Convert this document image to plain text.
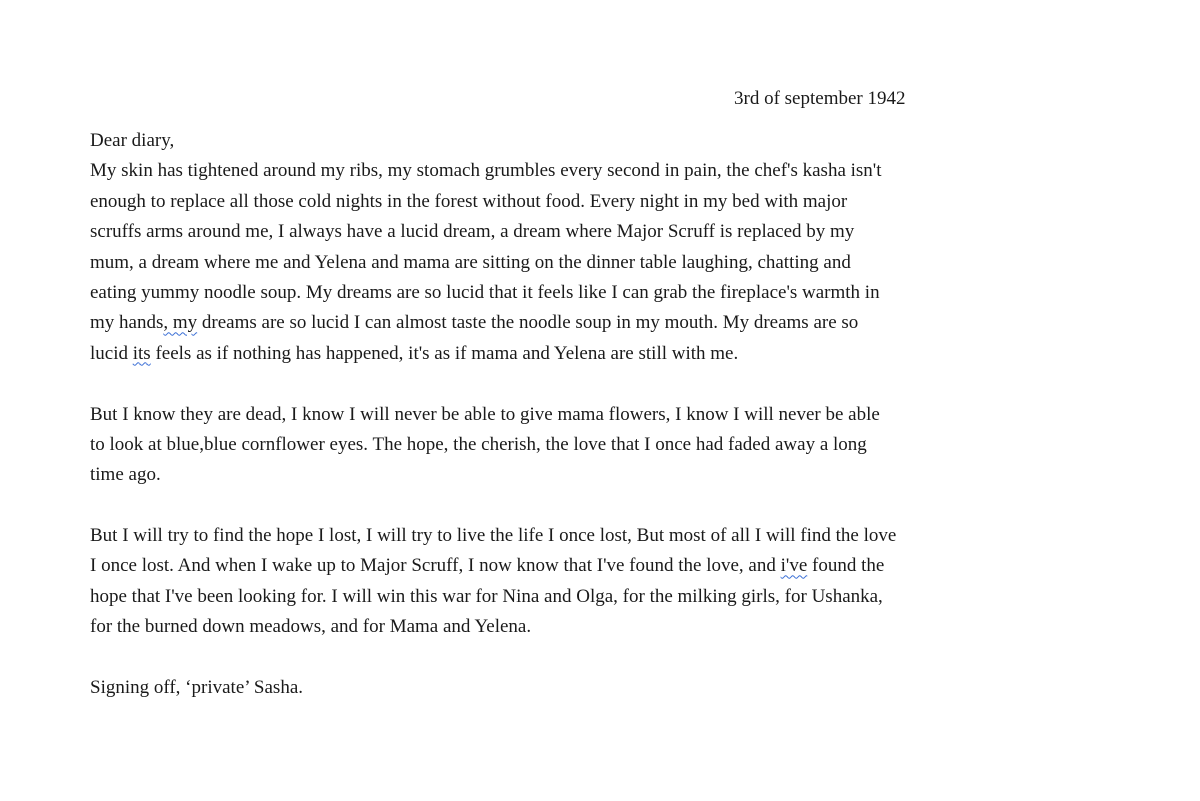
3rd of september 1942
Dear diary,
My skin has tightened around my ribs, my stomach grumbles every second in pain, the chef's kasha isn't
enough to replace all those cold nights in the forest without food. Every night in my bed with major
scruffs arms around me, I always have a lucid dream, a dream where Major Scruff is replaced by my
mum, a dream where me and Yelena and mama are sitting on the dinner table laughing, chatting and
eating yummy noodle soup. My dreams are so lucid that it feels like I can grab the fireplace's warmth in
my hands, my dreams are so lucid I can almost taste the noodle soup in my mouth. My dreams are so
lucid its feels as if nothing has happened, it's as if mama and Yelena are still with me.
But I know they are dead, I know I will never be able to give mama flowers, I know I will never be able
to look at blue,blue cornflower eyes. The hope, the cherish, the love that I once had faded away a long
time ago.
But I will try to find the hope I lost, I will try to live the life I once lost, But most of all I will find the love
I once lost. And when I wake up to Major Scruff, I now know that I've found the love, and i've found the
hope that I've been looking for. I will win this war for Nina and Olga, for the milking girls, for Ushanka,
for the burned down meadows, and for Mama and Yelena.
Signing off, ‘private’ Sasha.
